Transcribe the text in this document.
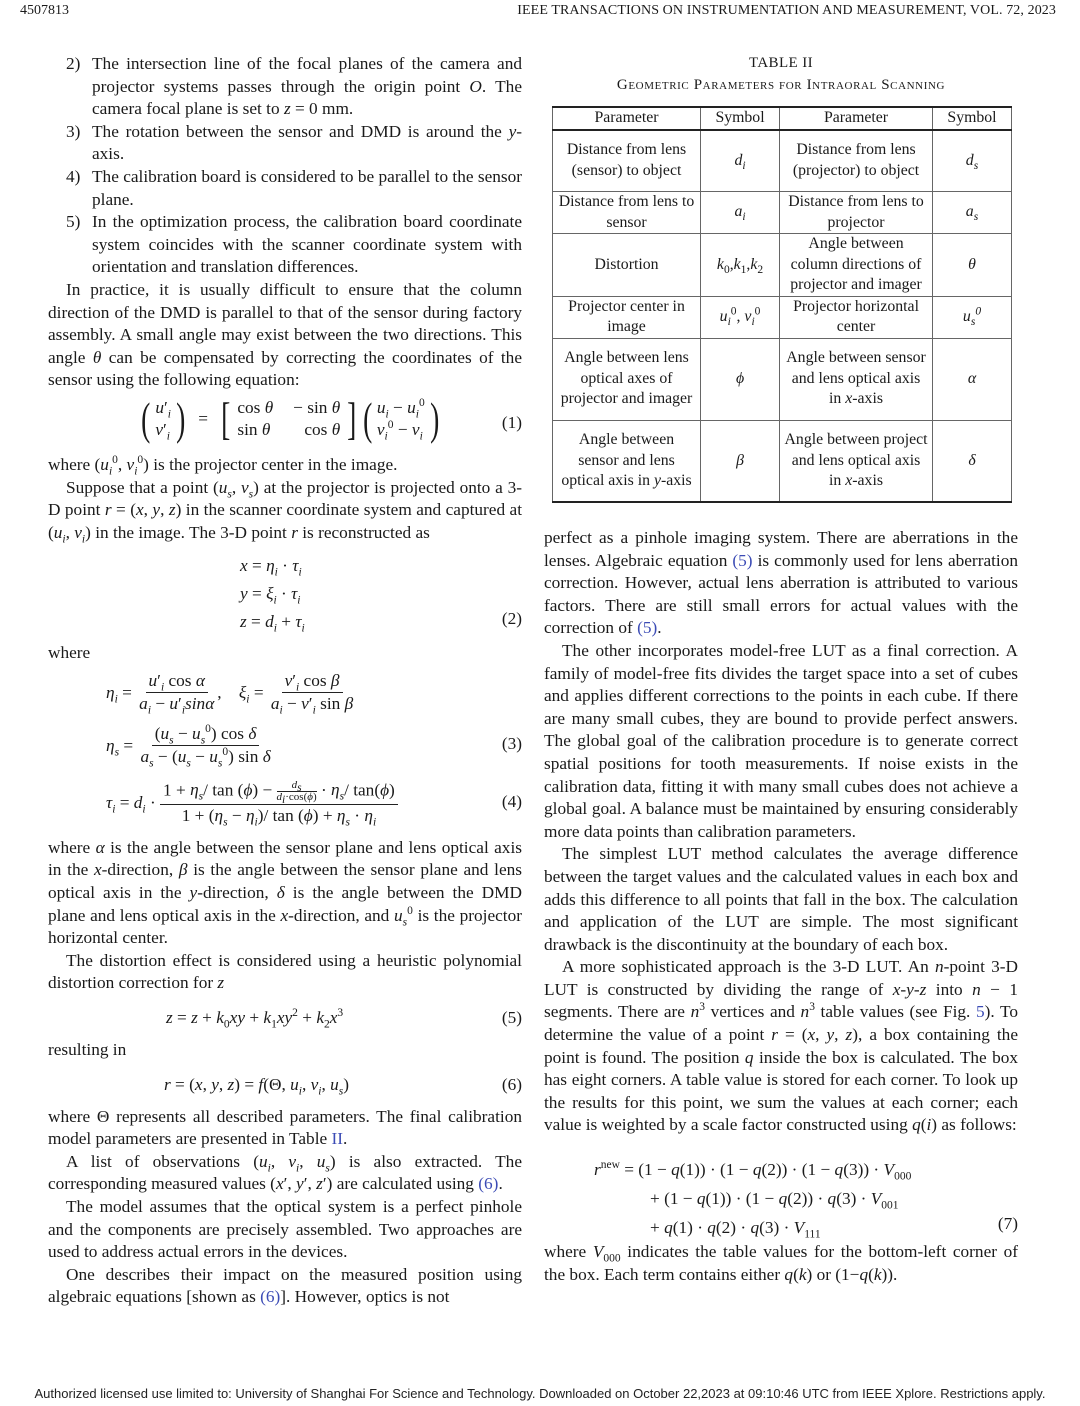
4507813	IEEE TRANSACTIONS ON INSTRUMENTATION AND MEASUREMENT, VOL. 72, 2023
2) The intersection line of the focal planes of the camera and projector systems passes through the origin point O. The camera focal plane is set to z = 0 mm.
3) The rotation between the sensor and DMD is around the y-axis.
4) The calibration board is considered to be parallel to the sensor plane.
5) In the optimization process, the calibration board coordinate system coincides with the scanner coordinate system with orientation and translation differences.

In practice, it is usually difficult to ensure that the column direction of the DMD is parallel to that of the sensor during factory assembly. A small angle may exist between the two directions. This angle θ can be compensated by correcting the coordinates of the sensor using the following equation:

( $u'_i$
$v'_i$ ) = [ cos θ − sin θ
sin θ	cos θ ] ( $u_i - u_i^0$
$v_i^0 - v_i$ )	(1)

where ($u_i^0$, $v_i^0$) is the projector center in the image.

Suppose that a point ($u_s$, $v_s$) at the projector is projected onto a 3-D point r = (x, y, z) in the scanner coordinate system and captured at ($u_i$, $v_i$) in the image. The 3-D point r is reconstructed as

$x = \eta_i \cdot \tau_i$
$y = \xi_i \cdot \tau_i$
$z = d_i + \tau_i$
(2)

where

$\eta_i = \frac{u'_i \cos \alpha}{a_i - u'_i\sin\alpha}$ ,    $\xi_i = \frac{v'_i \cos \beta}{a_i - v'_i \sin \beta}$
$\eta_s = \frac{(u_s - u_s^0) \cos \delta}{a_s - (u_s - u_s^0) \sin \delta}$	(3)
$\tau_i = d_i \cdot \frac{1 + \eta_s/ \tan (\phi) - \frac{d_s}{d_i\cdot\cos(\phi)} \cdot \eta_s/ \tan(\phi)}{1 + (\eta_s - \eta_i)/ \tan (\phi) + \eta_s \cdot \eta_i}$	(4)

where α is the angle between the sensor plane and lens optical axis in the x-direction, β is the angle between the sensor plane and lens optical axis in the y-direction, δ is the angle between the DMD plane and lens optical axis in the x-direction, and $u_s^0$ is the projector horizontal center.

The distortion effect is considered using a heuristic polynomial distortion correction for z

$z = z + k_0xy + k_1xy^2 + k_2x^3$	(5)

resulting in

r = (x, y, z) = f(Θ, $u_i$, $v_i$, $u_s$)	(6)

where Θ represents all described parameters. The final calibration model parameters are presented in Table II.

A list of observations ($u_i$, $v_i$, $u_s$) is also extracted. The corresponding measured values (x′, y′, z′) are calculated using (6).

The model assumes that the optical system is a perfect pinhole and the components are precisely assembled. Two approaches are used to address actual errors in the devices.

One describes their impact on the measured position using algebraic equations [shown as (6)]. However, optics is not

TABLE II
Geometric Parameters for Intraoral Scanning
Parameter	Symbol	Parameter	Symbol
Distance from lens (sensor) to object	$d_i$	Distance from lens (projector) to object	$d_s$
Distance from lens to sensor	$a_i$	Distance from lens to projector	$a_s$
Distortion	$k_0,k_1,k_2$	Angle between column directions of projector and imager	θ
Projector center in image	$u_i^0$, $v_i^0$	Projector horizontal center	$u_s^0$
Angle between lens optical axes of projector and imager	ϕ	Angle between sensor and lens optical axis in x-axis	α
Angle between sensor and lens optical axis in y-axis	β	Angle between project and lens optical axis in x-axis	δ

perfect as a pinhole imaging system. There are aberrations in the lenses. Algebraic equation (5) is commonly used for lens aberration correction. However, actual lens aberration is attributed to various factors. There are still small errors for actual values with the correction of (5).

The other incorporates model-free LUT as a final correction. A family of model-free fits divides the target space into a set of cubes and applies different corrections to the points in each cube. If there are many small cubes, they are bound to provide perfect answers. The global goal of the calibration procedure is to generate correct spatial positions for tooth measurements. If noise exists in the calibration data, fitting it with many small cubes does not achieve a global goal. A balance must be maintained by ensuring considerably more data points than calibration parameters.

The simplest LUT method calculates the average difference between the target values and the calculated values in each box and adds this difference to all points that fall in the box. The calculation and application of the LUT are simple. The most significant drawback is the discontinuity at the boundary of each box.

A more sophisticated approach is the 3-D LUT. An n-point 3-D LUT is constructed by dividing the range of x-y-z into n − 1 segments. There are $n^3$ vertices and $n^3$ table values (see Fig. 5). To determine the value of a point r = (x, y, z), a box containing the point is found. The position q inside the box is calculated. The box has eight corners. A table value is stored for each corner. To look up the results for this point, we sum the values at each corner; each value is weighted by a scale factor constructed using q(i) as follows:

$r^{new} = (1 - q(1)) \cdot (1 - q(2)) \cdot (1 - q(3)) \cdot V_{000}$
+ $(1 - q(1)) \cdot (1 - q(2)) \cdot q(3) \cdot V_{001}$
+ $q(1) \cdot q(2) \cdot q(3) \cdot V_{111}$
(7)

where $V_{000}$ indicates the table values for the bottom-left corner of the box. Each term contains either q(k) or (1−q(k)).

Authorized licensed use limited to: University of Shanghai For Science and Technology. Downloaded on October 22,2023 at 09:10:46 UTC from IEEE Xplore. Restrictions apply.
